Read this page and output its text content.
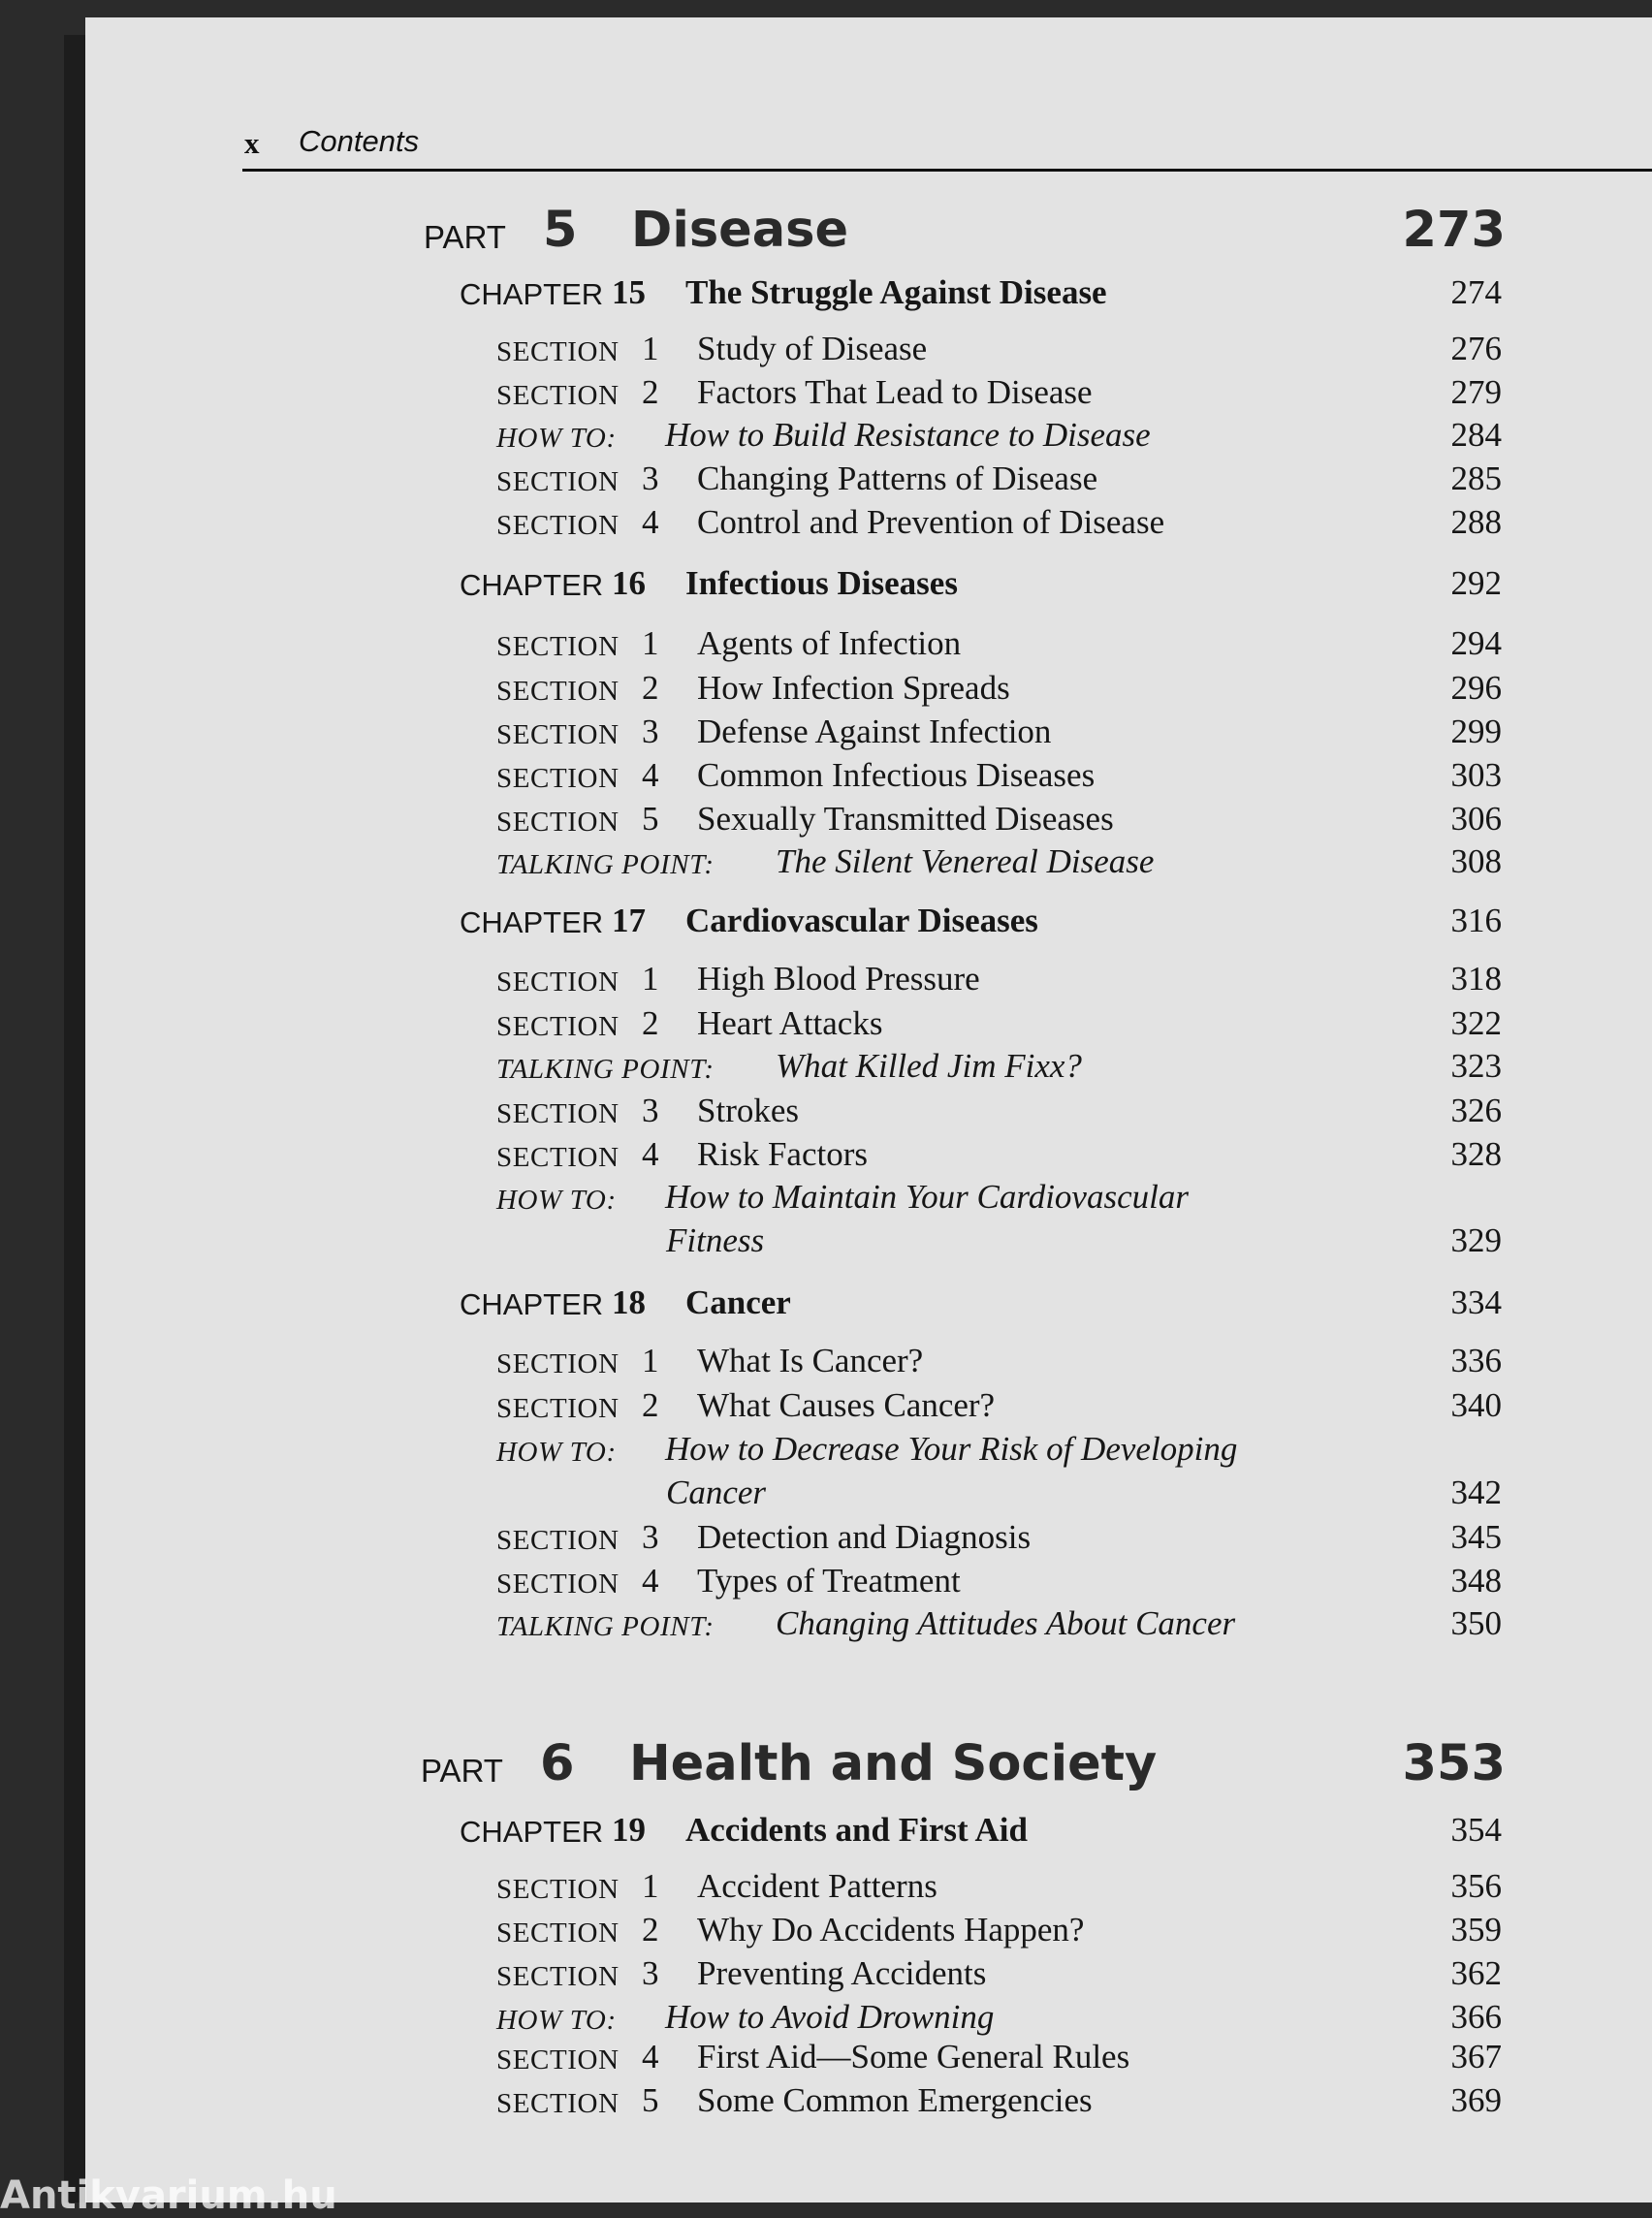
x Contents
PART 5 Disease	273
CHAPTER 15 The Struggle Against Disease	274
SECTION 1 Study of Disease	276
SECTION 2 Factors That Lead to Disease	279
HOW TO: How to Build Resistance to Disease	284
SECTION 3 Changing Patterns of Disease	285
SECTION 4 Control and Prevention of Disease	288
CHAPTER 16 Infectious Diseases	292
SECTION 1 Agents of Infection	294
SECTION 2 How Infection Spreads	296
SECTION 3 Defense Against Infection	299
SECTION 4 Common Infectious Diseases	303
SECTION 5 Sexually Transmitted Diseases	306
TALKING POINT: The Silent Venereal Disease	308
CHAPTER 17 Cardiovascular Diseases	316
SECTION 1 High Blood Pressure	318
SECTION 2 Heart Attacks	322
TALKING POINT: What Killed Jim Fixx?	323
SECTION 3 Strokes	326
SECTION 4 Risk Factors	328
HOW TO: How to Maintain Your Cardiovascular
Fitness	329
CHAPTER 18 Cancer	334
SECTION 1 What Is Cancer?	336
SECTION 2 What Causes Cancer?	340
HOW TO: How to Decrease Your Risk of Developing
Cancer	342
SECTION 3 Detection and Diagnosis	345
SECTION 4 Types of Treatment	348
TALKING POINT: Changing Attitudes About Cancer	350
PART 6 Health and Society	353
CHAPTER 19 Accidents and First Aid	354
SECTION 1 Accident Patterns	356
SECTION 2 Why Do Accidents Happen?	359
SECTION 3 Preventing Accidents	362
HOW TO: How to Avoid Drowning	366
SECTION 4 First Aid—Some General Rules	367
SECTION 5 Some Common Emergencies	369
Antikvarium.hu
